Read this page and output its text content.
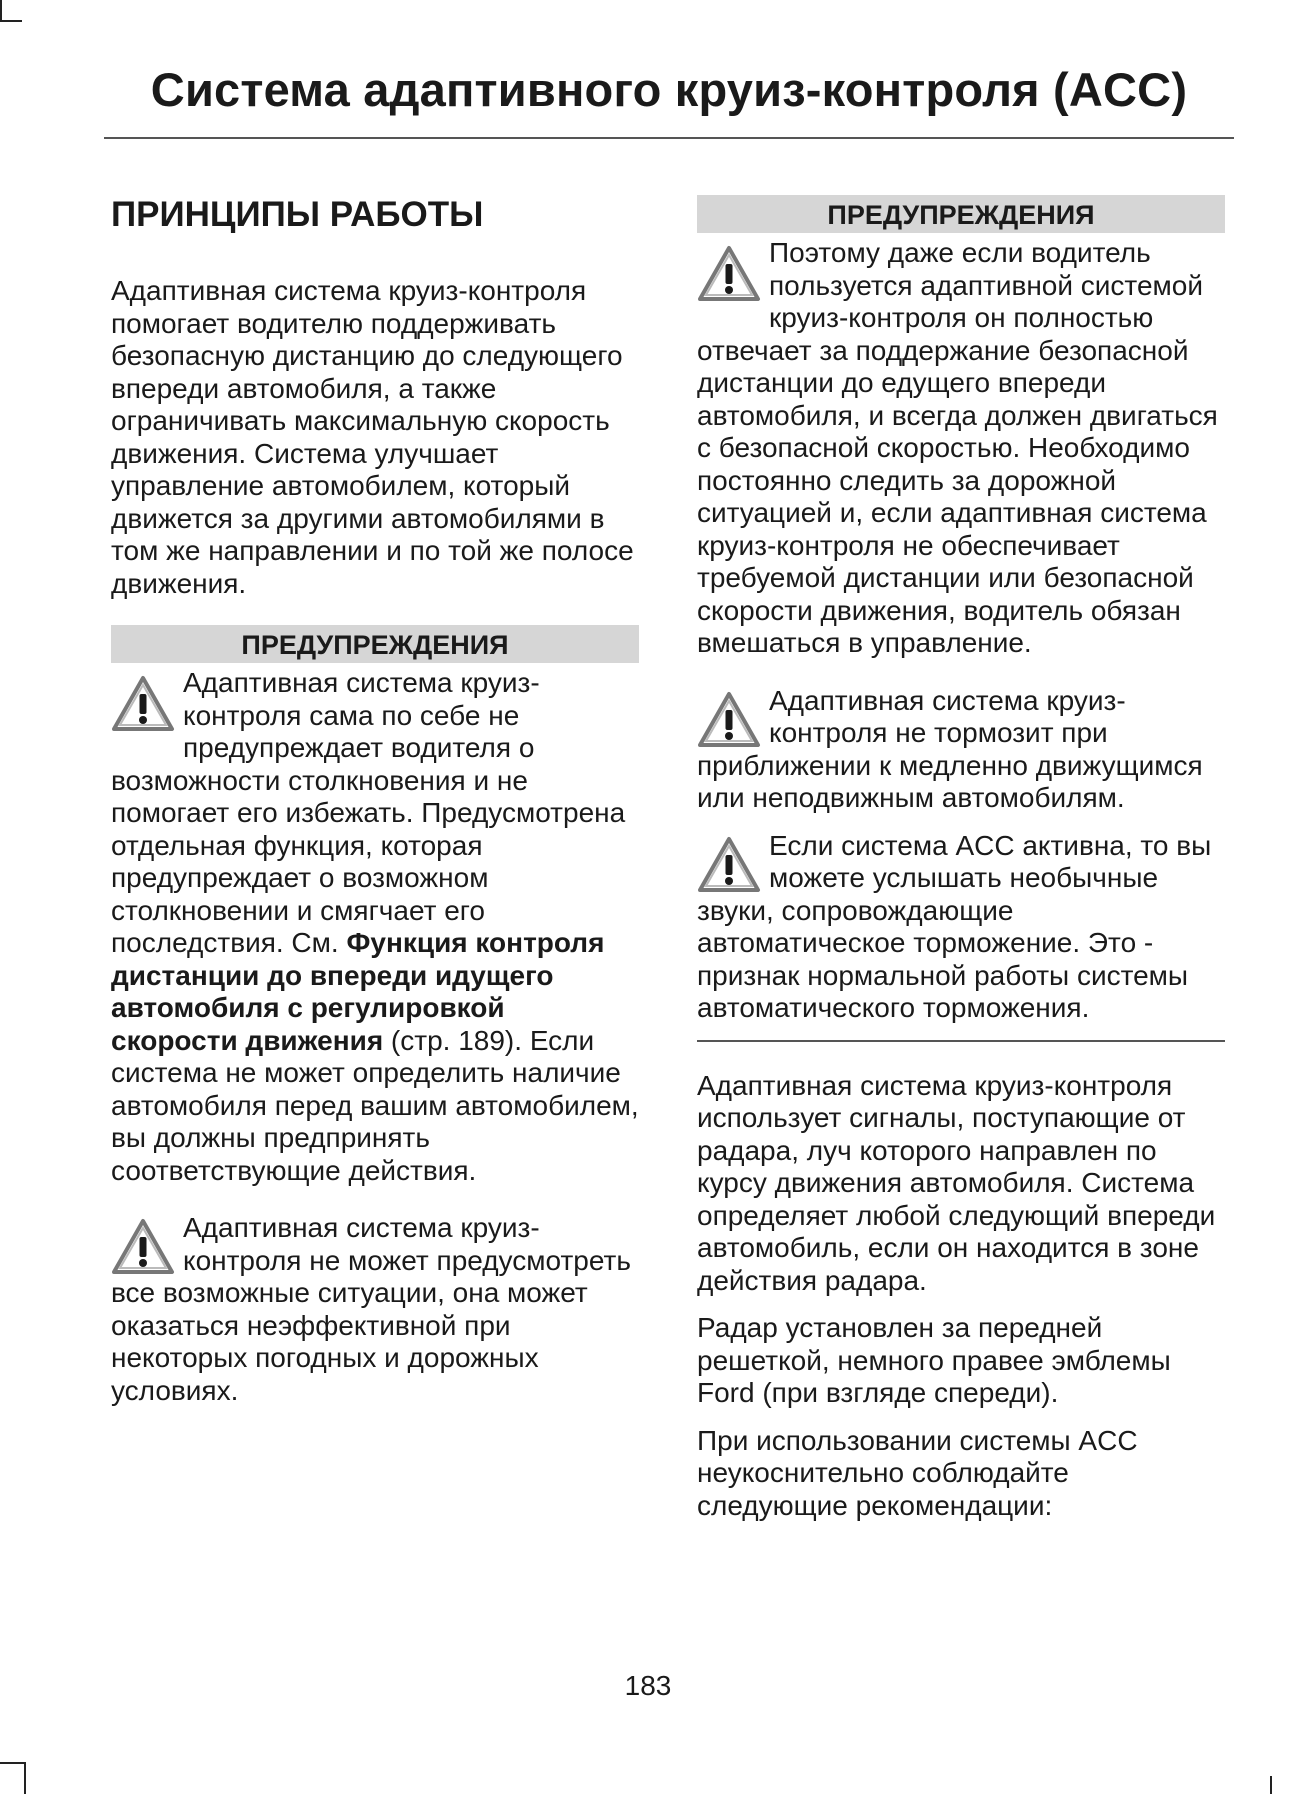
Система адаптивного круиз-контроля (ACC)
ПРИНЦИПЫ РАБОТЫ

Адаптивная система круиз-контроля помогает водителю поддерживать безопасную дистанцию до следующего впереди автомобиля, а также ограничивать максимальную скорость движения. Система улучшает управление автомобилем, который движется за другими автомобилями в том же направлении и по той же полосе движения.

ПРЕДУПРЕЖДЕНИЯ
Адаптивная система круиз-контроля сама по себе не предупреждает водителя о возможности столкновения и не помогает его избежать. Предусмотрена отдельная функция, которая предупреждает о возможном столкновении и смягчает его последствия. См. Функция контроля дистанции до впереди идущего автомобиля с регулировкой скорости движения (стр. 189). Если система не может определить наличие автомобиля перед вашим автомобилем, вы должны предпринять соответствующие действия.
Адаптивная система круиз-контроля не может предусмотреть все возможные ситуации, она может оказаться неэффективной при некоторых погодных и дорожных условиях.
ПРЕДУПРЕЖДЕНИЯ
Поэтому даже если водитель пользуется адаптивной системой круиз-контроля он полностью отвечает за поддержание безопасной дистанции до едущего впереди автомобиля, и всегда должен двигаться с безопасной скоростью. Необходимо постоянно следить за дорожной ситуацией и, если адаптивная система круиз-контроля не обеспечивает требуемой дистанции или безопасной скорости движения, водитель обязан вмешаться в управление.
Адаптивная система круиз-контроля не тормозит при приближении к медленно движущимся или неподвижным автомобилям.
Если система ACC активна, то вы можете услышать необычные звуки, сопровождающие автоматическое торможение. Это - признак нормальной работы системы автоматического торможения.

Адаптивная система круиз-контроля использует сигналы, поступающие от радара, луч которого направлен по курсу движения автомобиля. Система определяет любой следующий впереди автомобиль, если он находится в зоне действия радара.

Радар установлен за передней решеткой, немного правее эмблемы Ford (при взгляде спереди).

При использовании системы ACC неукоснительно соблюдайте следующие рекомендации:

183
